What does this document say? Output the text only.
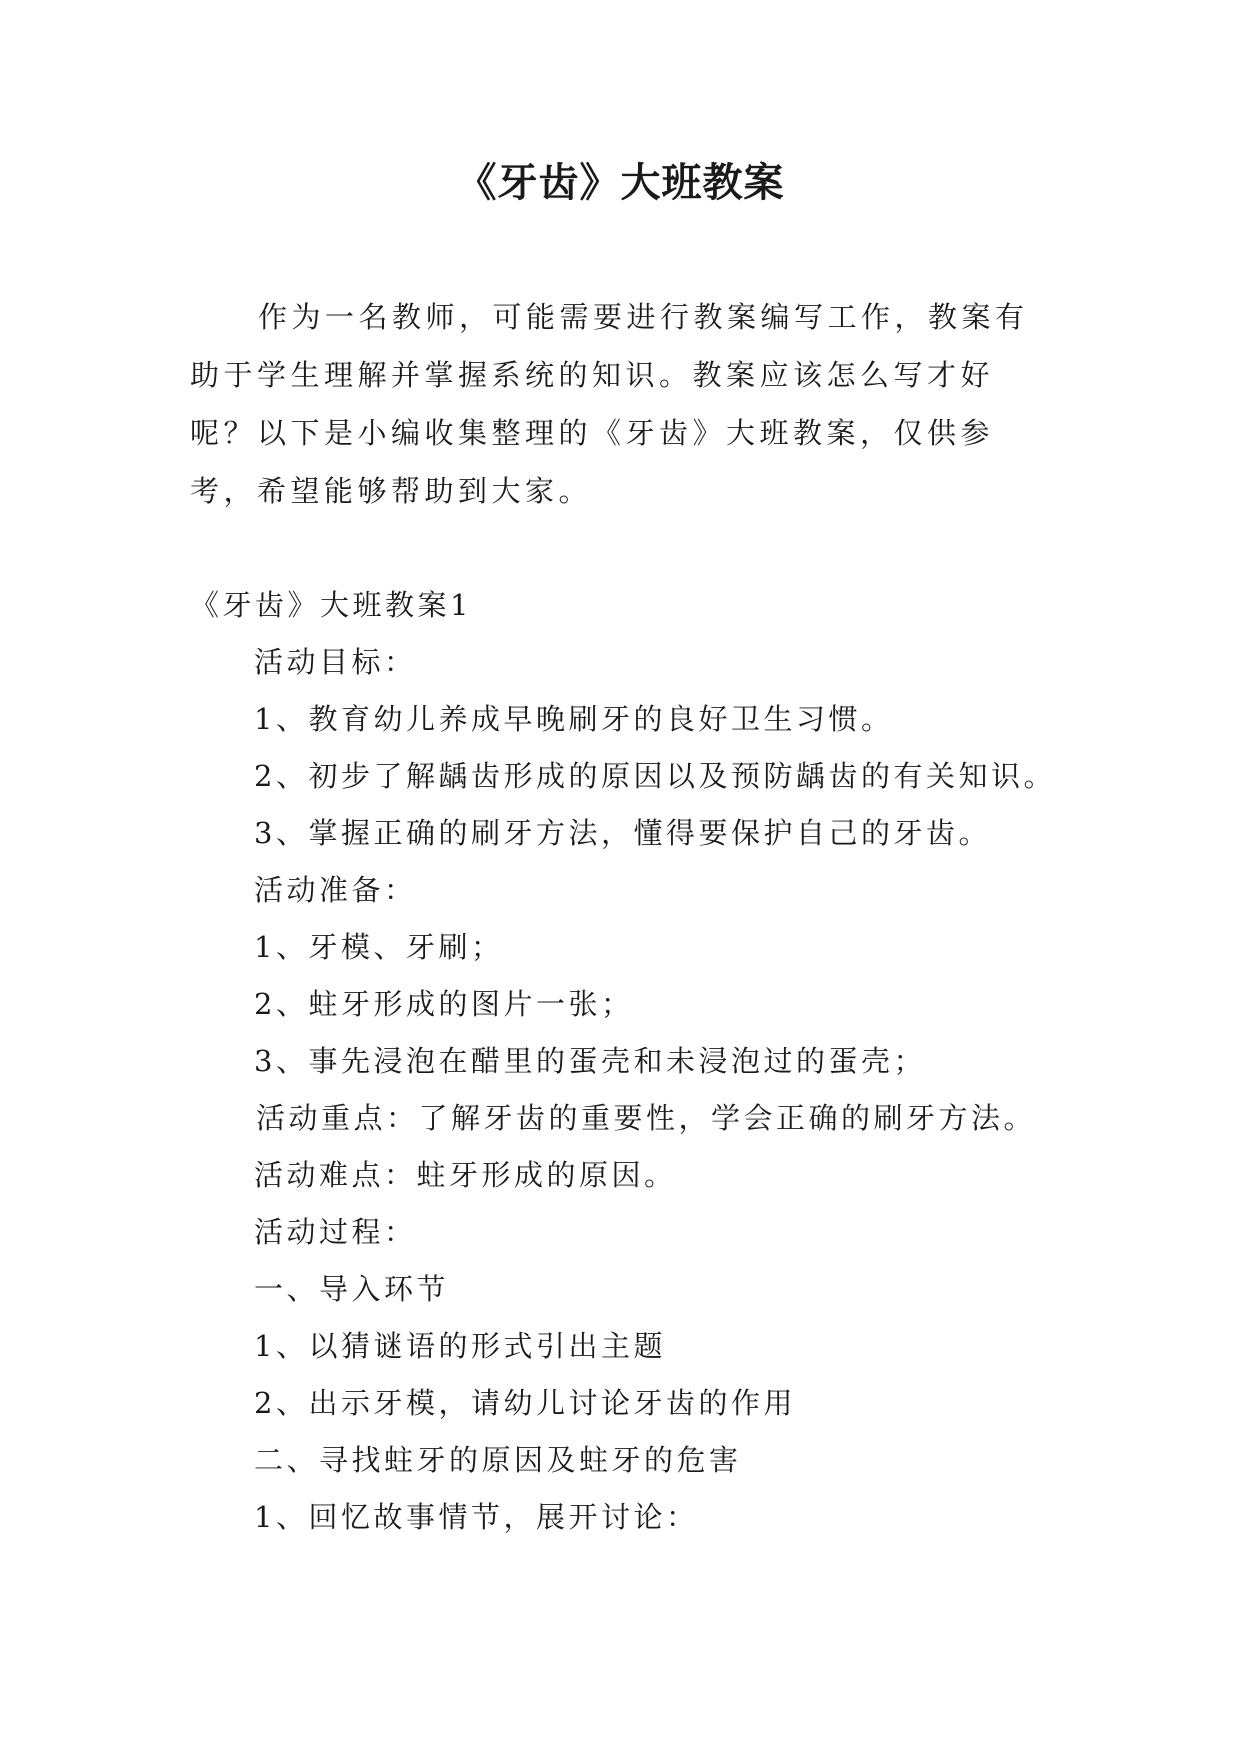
《牙齿》大班教案

作为一名教师，可能需要进行教案编写工作，教案有助于学生理解并掌握系统的知识。教案应该怎么写才好呢？以下是小编收集整理的《牙齿》大班教案，仅供参考，希望能够帮助到大家。

《牙齿》大班教案1
活动目标：
1、教育幼儿养成早晚刷牙的良好卫生习惯。
2、初步了解龋齿形成的原因以及预防龋齿的有关知识。
3、掌握正确的刷牙方法，懂得要保护自己的牙齿。
活动准备：
1、牙模、牙刷；
2、蛀牙形成的图片一张；
3、事先浸泡在醋里的蛋壳和未浸泡过的蛋壳；
活动重点：了解牙齿的重要性，学会正确的刷牙方法。
活动难点：蛀牙形成的原因。
活动过程：
一、导入环节
1、以猜谜语的形式引出主题
2、出示牙模，请幼儿讨论牙齿的作用
二、寻找蛀牙的原因及蛀牙的危害
1、回忆故事情节，展开讨论：
